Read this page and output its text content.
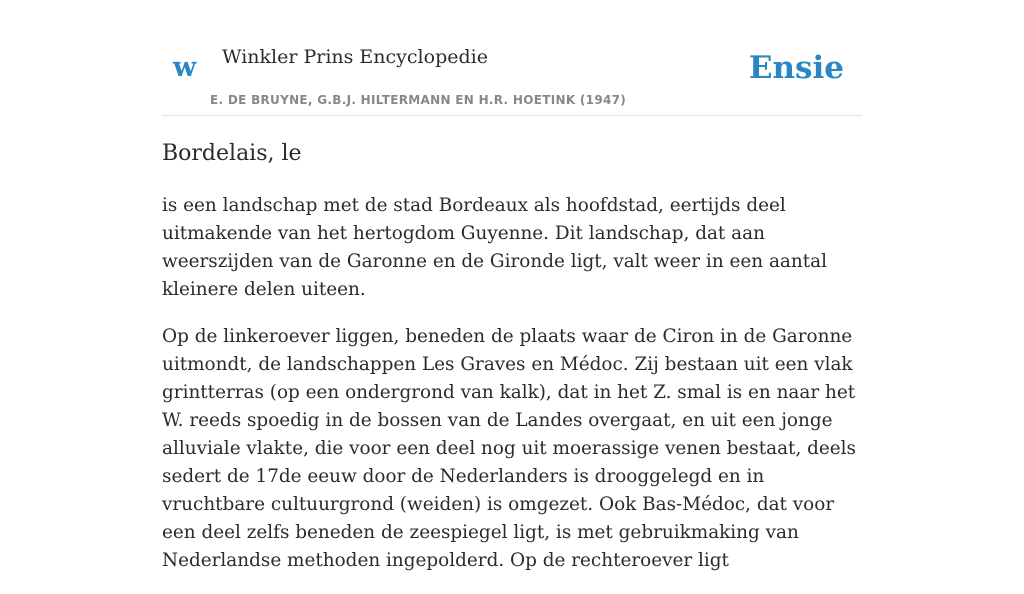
w Winkler Prins Encyclopedie
E. DE BRUYNE, G.B.J. HILTERMANN EN H.R. HOETINK (1947)
Ensie
Bordelais, le

is een landschap met de stad Bordeaux als hoofdstad, eertijds deel uitmakende van het hertogdom Guyenne. Dit landschap, dat aan weerszijden van de Garonne en de Gironde ligt, valt weer in een aantal kleinere delen uiteen.

Op de linkeroever liggen, beneden de plaats waar de Ciron in de Garonne uitmondt, de landschappen Les Graves en Médoc. Zij bestaan uit een vlak grintterras (op een ondergrond van kalk), dat in het Z. smal is en naar het W. reeds spoedig in de bossen van de Landes overgaat, en uit een jonge alluviale vlakte, die voor een deel nog uit moerassige venen bestaat, deels sedert de 17de eeuw door de Nederlanders is drooggelegd en in vruchtbare cultuurgrond (weiden) is omgezet. Ook Bas-Médoc, dat voor een deel zelfs beneden de zeespiegel ligt, is met gebruikmaking van Nederlandse methoden ingepolderd. Op de rechteroever ligt
